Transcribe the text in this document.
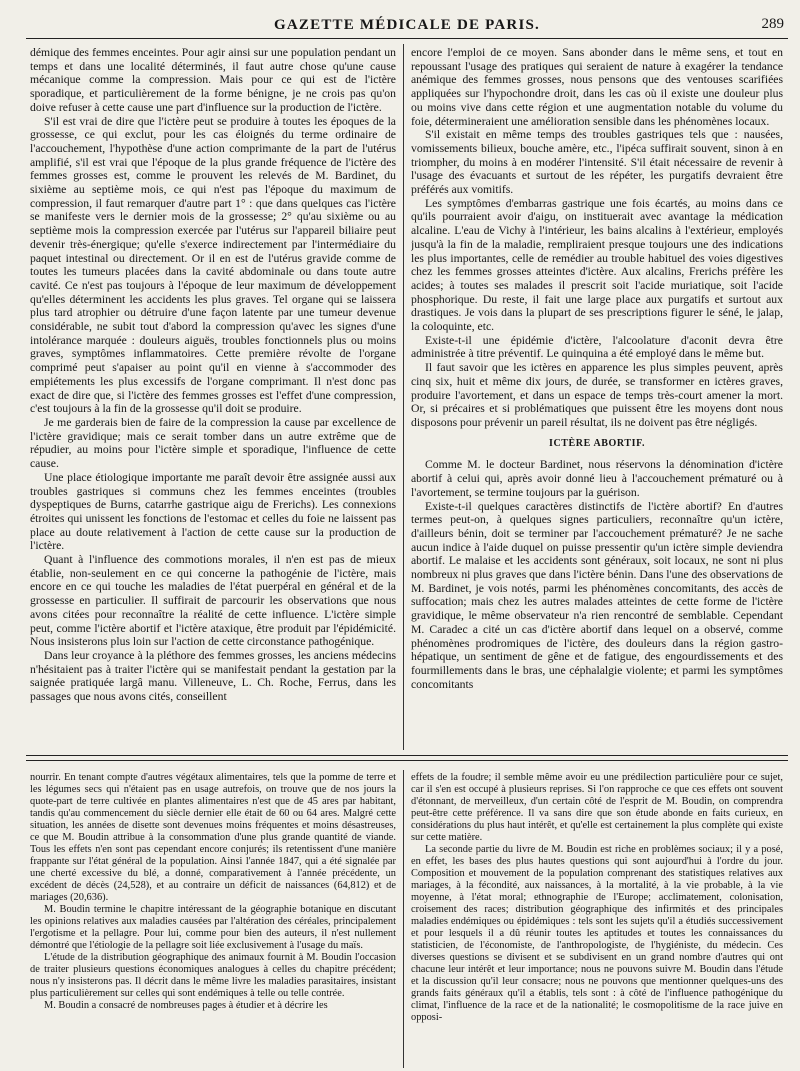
GAZETTE MÉDICALE DE PARIS.	289

démique des femmes enceintes. Pour agir ainsi sur une population pendant un temps et dans une localité déterminés, il faut autre chose qu'une cause mécanique comme la compression. Mais pour ce qui est de l'ictère sporadique, et particulièrement de la forme bénigne, je ne crois pas qu'on doive refuser à cette cause une part d'influence sur la production de l'ictère.

S'il est vrai de dire que l'ictère peut se produire à toutes les époques de la grossesse, ce qui exclut, pour les cas éloignés du terme ordinaire de l'accouchement, l'hypothèse d'une action comprimante de la part de l'utérus amplifié, s'il est vrai que l'époque de la plus grande fréquence de l'ictère des femmes grosses est, comme le prouvent les relevés de M. Bardinet, du sixième au septième mois, ce qui n'est pas l'époque du maximum de compression, il faut remarquer d'autre part 1° : que dans quelques cas l'ictère se manifeste vers le dernier mois de la grossesse; 2° qu'au sixième ou au septième mois la compression exercée par l'utérus sur l'appareil biliaire peut devenir très-énergique; qu'elle s'exerce indirectement par l'intermédiaire du paquet intestinal ou directement. Or il en est de l'utérus gravide comme de toutes les tumeurs placées dans la cavité abdominale ou dans toute autre cavité. Ce n'est pas toujours à l'époque de leur maximum de développement qu'elles déterminent les accidents les plus graves. Tel organe qui se laissera plus tard atrophier ou détruire d'une façon latente par une tumeur devenue considérable, ne subit tout d'abord la compression qu'avec les signes d'une intolérance marquée : douleurs aiguës, troubles fonctionnels plus ou moins graves, symptômes inflammatoires. Cette première révolte de l'organe comprimé peut s'apaiser au point qu'il en vienne à s'accommoder des empiétements les plus excessifs de l'organe comprimant. Il n'est donc pas exact de dire que, si l'ictère des femmes grosses est l'effet d'une compression, c'est toujours à la fin de la grossesse qu'il doit se produire.

Je me garderais bien de faire de la compression la cause par excellence de l'ictère gravidique; mais ce serait tomber dans un autre extrême que de répudier, au moins pour l'ictère simple et sporadique, l'influence de cette cause.

Une place étiologique importante me paraît devoir être assignée aussi aux troubles gastriques si communs chez les femmes enceintes (troubles dyspeptiques de Burns, catarrhe gastrique aigu de Frerichs). Les connexions étroites qui unissent les fonctions de l'estomac et celles du foie ne laissent pas place au doute relativement à l'action de cette cause sur la production de l'ictère.

Quant à l'influence des commotions morales, il n'en est pas de mieux établie, non-seulement en ce qui concerne la pathogénie de l'ictère, mais encore en ce qui touche les maladies de l'état puerpéral en général et de la grossesse en particulier. Il suffirait de parcourir les observations que nous avons citées pour reconnaître la réalité de cette influence. L'ictère simple peut, comme l'ictère abortif et l'ictère ataxique, être produit par l'épidémicité. Nous insisterons plus loin sur l'action de cette circonstance pathogénique.

Dans leur croyance à la pléthore des femmes grosses, les anciens médecins n'hésitaient pas à traiter l'ictère qui se manifestait pendant la gestation par la saignée pratiquée largâ manu. Villeneuve, L. Ch. Roche, Ferrus, dans les passages que nous avons cités, conseillent

encore l'emploi de ce moyen. Sans abonder dans le même sens, et tout en repoussant l'usage des pratiques qui seraient de nature à exagérer la tendance anémique des femmes grosses, nous pensons que des ventouses scarifiées appliquées sur l'hypochondre droit, dans les cas où il existe une douleur plus ou moins vive dans cette région et une augmentation notable du volume du foie, détermineraient une amélioration sensible dans les phénomènes locaux.

S'il existait en même temps des troubles gastriques tels que : nausées, vomissements bilieux, bouche amère, etc., l'ipéca suffirait souvent, sinon à en triompher, du moins à en modérer l'intensité. S'il était nécessaire de revenir à l'usage des évacuants et surtout de les répéter, les purgatifs devraient être préférés aux vomitifs.

Les symptômes d'embarras gastrique une fois écartés, au moins dans ce qu'ils pourraient avoir d'aigu, on instituerait avec avantage la médication alcaline. L'eau de Vichy à l'intérieur, les bains alcalins à l'extérieur, employés jusqu'à la fin de la maladie, rempliraient presque toujours une des indications les plus importantes, celle de remédier au trouble habituel des voies digestives chez les femmes grosses atteintes d'ictère. Aux alcalins, Frerichs préfère les acides; à toutes ses malades il prescrit soit l'acide muriatique, soit l'acide phosphorique. Du reste, il fait une large place aux purgatifs et surtout aux drastiques. Je vois dans la plupart de ses prescriptions figurer le séné, le jalap, la coloquinte, etc.

Existe-t-il une épidémie d'ictère, l'alcoolature d'aconit devra être administrée à titre préventif. Le quinquina a été employé dans le même but.

Il faut savoir que les ictères en apparence les plus simples peuvent, après cinq six, huit et même dix jours, de durée, se transformer en ictères graves, produire l'avortement, et dans un espace de temps très-court amener la mort. Or, si précaires et si problématiques que puissent être les moyens dont nous disposons pour prévenir un pareil résultat, ils ne doivent pas être négligés.

ICTÈRE ABORTIF.

Comme M. le docteur Bardinet, nous réservons la dénomination d'ictère abortif à celui qui, après avoir donné lieu à l'accouchement prématuré ou à l'avortement, se termine toujours par la guérison.

Existe-t-il quelques caractères distinctifs de l'ictère abortif? En d'autres termes peut-on, à quelques signes particuliers, reconnaître qu'un ictère, d'ailleurs bénin, doit se terminer par l'accouchement prématuré? Je ne sache aucun indice à l'aide duquel on puisse pressentir qu'un ictère simple deviendra abortif. Le malaise et les accidents sont généraux, soit locaux, ne sont ni plus nombreux ni plus graves que dans l'ictère bénin. Dans l'une des observations de M. Bardinet, je vois notés, parmi les phénomènes concomitants, des accès de suffocation; mais chez les autres malades atteintes de cette forme de l'ictère gravidique, le même observateur n'a rien rencontré de semblable. Cependant M. Caradec a cité un cas d'ictère abortif dans lequel on a observé, comme phénomènes prodromiques de l'ictère, des douleurs dans la région gastro-hépatique, un sentiment de gêne et de fatigue, des engourdissements et des fourmillements dans le bras, une céphalalgie violente; et parmi les symptômes concomitants

nourrir. En tenant compte d'autres végétaux alimentaires, tels que la pomme de terre et les légumes secs qui n'étaient pas en usage autrefois, on trouve que de nos jours la quote-part de terre cultivée en plantes alimentaires n'est que de 45 ares par habitant, tandis qu'au commencement du siècle dernier elle était de 60 ou 64 ares. Malgré cette situation, les années de disette sont devenues moins fréquentes et moins désastreuses, ce que M. Boudin attribue à la consommation d'une plus grande quantité de viande. Tous les effets n'en sont pas cependant encore conjurés; ils retentissent d'une manière frappante sur l'état général de la population. Ainsi l'année 1847, qui a été signalée par une cherté excessive du blé, a donné, comparativement à l'année précédente, un excédent de décès (24,528), et au contraire un déficit de naissances (64,812) et de mariages (20,636).

M. Boudin termine le chapitre intéressant de la géographie botanique en discutant les opinions relatives aux maladies causées par l'altération des céréales, principalement l'ergotisme et la pellagre. Pour lui, comme pour bien des auteurs, il n'est nullement démontré que l'étiologie de la pellagre soit liée exclusivement à l'usage du maïs.

L'étude de la distribution géographique des animaux fournit à M. Boudin l'occasion de traiter plusieurs questions économiques analogues à celles du chapitre précédent; nous n'y insisterons pas. Il décrit dans le même livre les maladies parasitaires, insistant plus particulièrement sur celles qui sont endémiques à telle ou telle contrée.

M. Boudin a consacré de nombreuses pages à étudier et à décrire les

effets de la foudre; il semble même avoir eu une prédilection particulière pour ce sujet, car il s'en est occupé à plusieurs reprises. Si l'on rapproche ce que ces effets ont souvent d'étonnant, de merveilleux, d'un certain côté de l'esprit de M. Boudin, on comprendra peut-être cette préférence. Il va sans dire que son étude abonde en faits curieux, en considérations du plus haut intérêt, et qu'elle est certainement la plus complète qui existe sur cette matière.

La seconde partie du livre de M. Boudin est riche en problèmes sociaux; il y a posé, en effet, les bases des plus hautes questions qui sont aujourd'hui à l'ordre du jour. Composition et mouvement de la population comprenant des statistiques relatives aux mariages, à la fécondité, aux naissances, à la mortalité, à la vie probable, à la vie moyenne, à l'état moral; ethnographie de l'Europe; acclimatement, colonisation, croisement des races; distribution géographique des infirmités et des principales maladies endémiques ou épidémiques : tels sont les sujets qu'il a étudiés successivement et pour lesquels il a dû réunir toutes les aptitudes et toutes les connaissances du statisticien, de l'économiste, de l'anthropologiste, de l'hygiéniste, du médecin. Ces diverses questions se divisent et se subdivisent en un grand nombre d'autres qui ont chacune leur intérêt et leur importance; nous ne pouvons suivre M. Boudin dans l'étude et la discussion qu'il leur consacre; nous ne pouvons que mentionner quelques-uns des grands faits généraux qu'il a établis, tels sont : à côté de l'influence pathogénique du climat, l'influence de la race et de la nationalité; le cosmopolitisme de la race juive en opposi-
